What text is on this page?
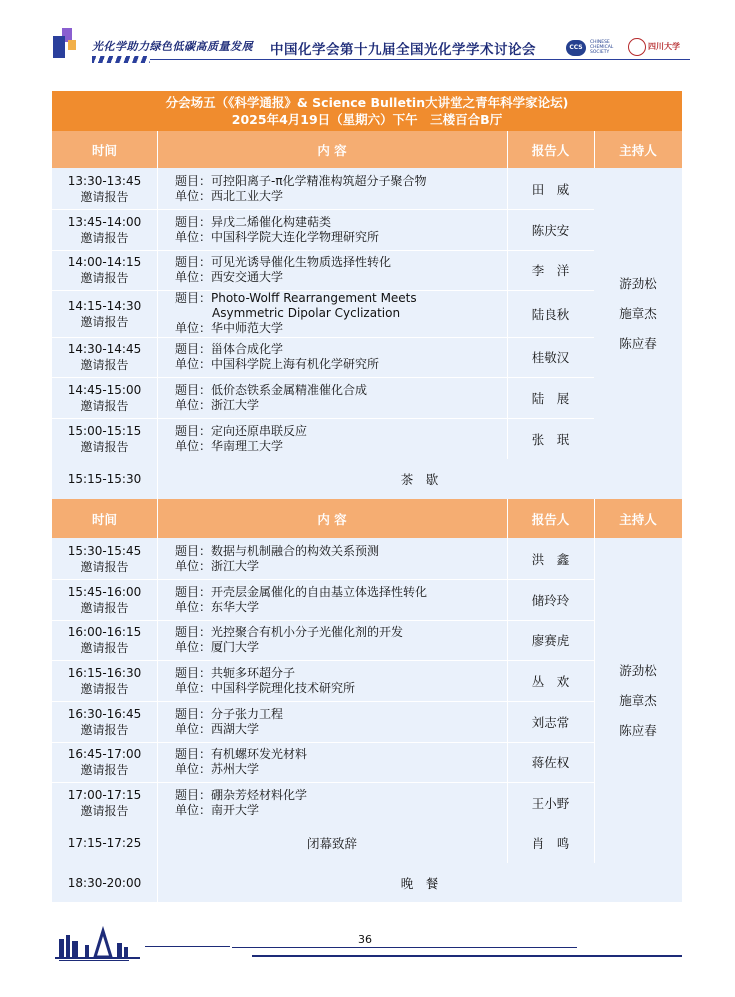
光化学助力绿色低碳高质量发展 中国化学会第十九届全国光化学学术讨论会	CCS
CHINESE CHEMICAL SOCIETY
四川大学
分会场五（《科学通报》& Science Bulletin大讲堂之青年科学家论坛)
2025年4月19日（星期六）下午　三楼百合B厅
时间	内 容	报告人	主持人
13:30-13:45
邀请报告
题目：可控阳离子-π化学精准构筑超分子聚合物
单位：西北工业大学	田　威
13:45-14:00
邀请报告
题目：异戊二烯催化构建萜类
单位：中国科学院大连化学物理研究所	陈庆安
14:00-14:15
邀请报告
题目：可见光诱导催化生物质选择性转化
单位：西安交通大学	李　洋
14:15-14:30
邀请报告
题目：Photo-Wolff Rearrangement Meets
Asymmetric Dipolar Cyclization
单位：华中师范大学
陆良秋
14:30-14:45
邀请报告
题目：甾体合成化学
单位：中国科学院上海有机化学研究所	桂敬汉
14:45-15:00
邀请报告
题目：低价态铁系金属精准催化合成
单位：浙江大学	陆　展
15:00-15:15
邀请报告
题目：定向还原串联反应
单位：华南理工大学	张　珉
游劲松
施章杰
陈应春
15:15-15:30	茶　歇
时间	内 容	报告人	主持人
15:30-15:45
邀请报告
题目：数据与机制融合的构效关系预测
单位：浙江大学	洪　鑫
15:45-16:00
邀请报告
题目：开壳层金属催化的自由基立体选择性转化
单位：东华大学	储玲玲
16:00-16:15
邀请报告
题目：光控聚合有机小分子光催化剂的开发
单位：厦门大学	廖赛虎
16:15-16:30
邀请报告
题目：共轭多环超分子
单位：中国科学院理化技术研究所	丛　欢
16:30-16:45
邀请报告
题目：分子张力工程
单位：西湖大学	刘志常
16:45-17:00
邀请报告
题目：有机螺环发光材料
单位：苏州大学	蒋佐权
17:00-17:15
邀请报告
题目：硼杂芳烃材料化学
单位：南开大学	王小野
17:15-17:25	闭幕致辞	肖　鸣
游劲松
施章杰
陈应春
18:30-20:00	晚　餐
36
